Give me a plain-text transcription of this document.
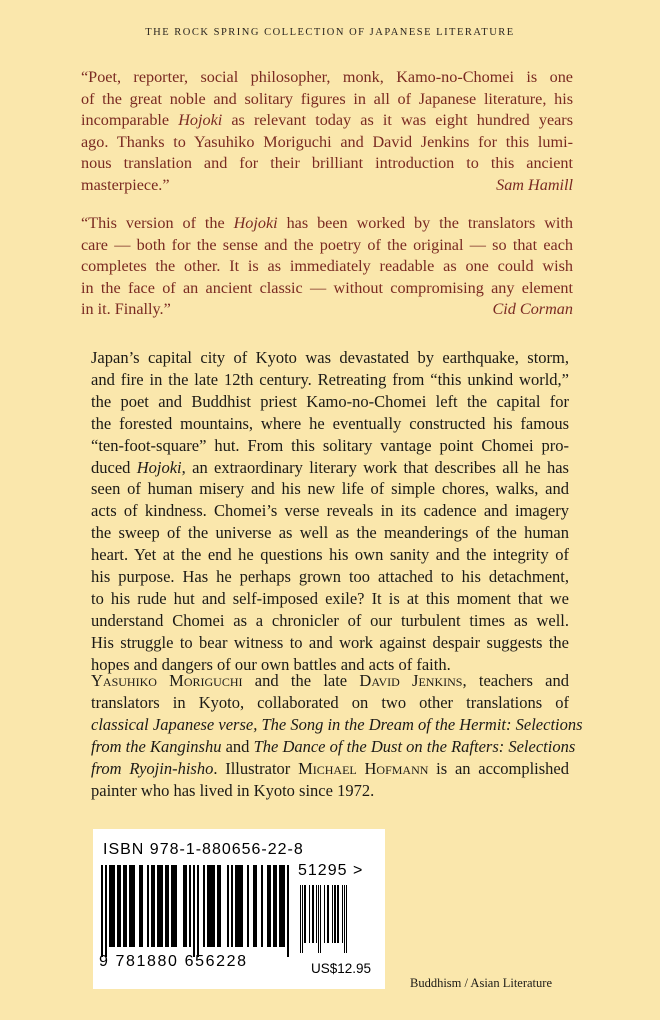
THE ROCK SPRING COLLECTION OF JAPANESE LITERATURE
“Poet, reporter, social philosopher, monk, Kamo-no-Chomei is one
of the great noble and solitary figures in all of Japanese literature, his
incomparable Hojoki as relevant today as it was eight hundred years
ago. Thanks to Yasuhiko Moriguchi and David Jenkins for this lumi-
nous translation and for their brilliant introduction to this ancient
masterpiece.”	Sam Hamill
“This version of the Hojoki has been worked by the translators with
care — both for the sense and the poetry of the original — so that each
completes the other. It is as immediately readable as one could wish
in the face of an ancient classic — without compromising any element
in it. Finally.”	Cid Corman
Japan’s capital city of Kyoto was devastated by earthquake, storm,
and fire in the late 12th century. Retreating from “this unkind world,”
the poet and Buddhist priest Kamo-no-Chomei left the capital for
the forested mountains, where he eventually constructed his famous
“ten-foot-square” hut. From this solitary vantage point Chomei pro-
duced Hojoki, an extraordinary literary work that describes all he has
seen of human misery and his new life of simple chores, walks, and
acts of kindness. Chomei’s verse reveals in its cadence and imagery
the sweep of the universe as well as the meanderings of the human
heart. Yet at the end he questions his own sanity and the integrity of
his purpose. Has he perhaps grown too attached to his detachment,
to his rude hut and self-imposed exile? It is at this moment that we
understand Chomei as a chronicler of our turbulent times as well.
His struggle to bear witness to and work against despair suggests the
hopes and dangers of our own battles and acts of faith.
Yasuhiko Moriguchi and the late David Jenkins, teachers and
translators in Kyoto, collaborated on two other translations of
classical Japanese verse, The Song in the Dream of the Hermit: Selections
from the Kanginshu and The Dance of the Dust on the Rafters: Selections
from Ryojin-hisho. Illustrator Michael Hofmann is an accomplished
painter who has lived in Kyoto since 1972.
ISBN 978-1-880656-22-8
51295 >
9 781880 656228	US$12.95
Buddhism / Asian Literature
